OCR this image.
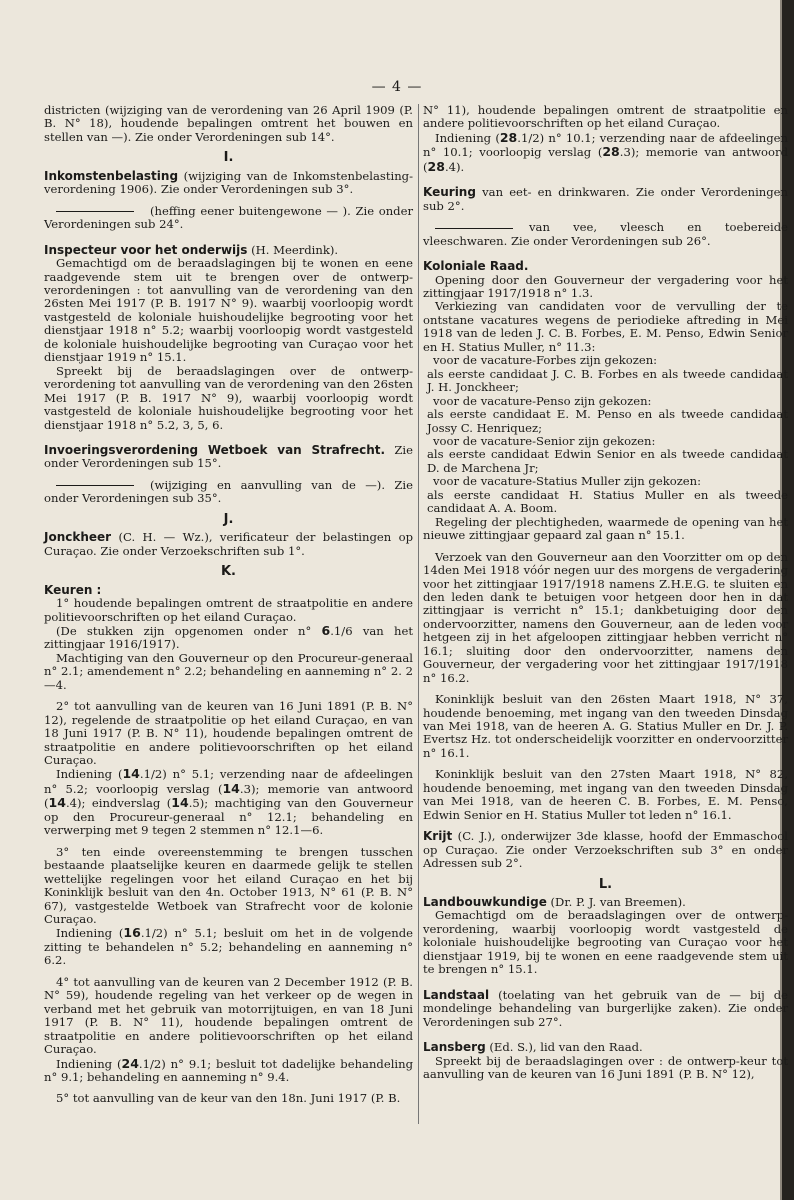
— 4 —

districten (wijziging van de verordening van 26 April 1909 (P. B. N° 18), houdende bepalingen omtrent het bouwen en stellen van —). Zie onder Verordeningen sub 14°.

I.

Inkomstenbelasting (wijziging van de Inkomstenbelasting-verordening 1906). Zie onder Verordeningen sub 3°.

(heffing eener buitengewone — ). Zie onder Verordeningen sub 24°.

Inspecteur voor het onderwijs (H. Meerdink).

Gemachtigd om de beraadslagingen bij te wonen en eene raadgevende stem uit te brengen over de ontwerp-verordeningen : tot aanvulling van de verordening van den 26sten Mei 1917 (P. B. 1917 N° 9). waarbij voorloopig wordt vastgesteld de koloniale huishoudelijke begrooting voor het dienstjaar 1918 n° 5.2; waarbij voorloopig wordt vastgesteld de koloniale huishoudelijke begrooting van Curaçao voor het dienstjaar 1919 n° 15.1.

Spreekt bij de beraadslagingen over de ontwerp-verordening tot aanvulling van de verordening van den 26sten Mei 1917 (P. B. 1917 N° 9), waarbij voorloopig wordt vastgesteld de koloniale huishoudelijke begrooting voor het dienstjaar 1918 n° 5.2, 3, 5, 6.

Invoeringsverordening Wetboek van Strafrecht. Zie onder Verordeningen sub 15°.

(wijziging en aanvulling van de —). Zie onder Verordeningen sub 35°.

J.

Jonckheer (C. H. — Wz.), verificateur der belastingen op Curaçao. Zie onder Verzoekschriften sub 1°.

K.

Keuren :

1° houdende bepalingen omtrent de straatpolitie en andere politievoorschriften op het eiland Curaçao.

(De stukken zijn opgenomen onder n° 6.1/6 van het zittingjaar 1916/1917).

Machtiging van den Gouverneur op den Procureur-generaal n° 2.1; amendement n° 2.2; behandeling en aanneming n° 2. 2—4.

2° tot aanvulling van de keuren van 16 Juni 1891 (P. B. N° 12), regelende de straatpolitie op het eiland Curaçao, en van 18 Juni 1917 (P. B. N° 11), houdende bepalingen omtrent de straatpolitie en andere politievoorschriften op het eiland Curaçao.

Indiening (14.1/2) n° 5.1; verzending naar de afdeelingen n° 5.2; voorloopig verslag (14.3); memorie van antwoord (14.4); eindverslag (14.5); machtiging van den Gouverneur op den Procureur-generaal n° 12.1; behandeling en verwerping met 9 tegen 2 stemmen n° 12.1—6.

3° ten einde overeenstemming te brengen tusschen bestaande plaatselijke keuren en daarmede gelijk te stellen wettelijke regelingen voor het eiland Curaçao en het bij Koninklijk besluit van den 4n. October 1913, N° 61 (P. B. N° 67), vastgestelde Wetboek van Strafrecht voor de kolonie Curaçao.

Indiening (16.1/2) n° 5.1; besluit om het in de volgende zitting te behandelen n° 5.2; behandeling en aanneming n° 6.2.

4° tot aanvulling van de keuren van 2 December 1912 (P. B. N° 59), houdende regeling van het verkeer op de wegen in verband met het gebruik van motorrijtuigen, en van 18 Juni 1917 (P. B. N° 11), houdende bepalingen omtrent de straatpolitie en andere politievoorschriften op het eiland Curaçao.

Indiening (24.1/2) n° 9.1; besluit tot dadelijke behandeling n° 9.1; behandeling en aanneming n° 9.4.

5° tot aanvulling van de keur van den 18n. Juni 1917 (P. B.

N° 11), houdende bepalingen omtrent de straatpolitie en andere politievoorschriften op het eiland Curaçao.

Indiening (28.1/2) n° 10.1; verzending naar de afdeelingen n° 10.1; voorloopig verslag (28.3); memorie van antwoord (28.4).

Keuring van eet- en drinkwaren. Zie onder Verordeningen sub 2°.

van vee, vleesch en toebereide vleeschwaren. Zie onder Verordeningen sub 26°.

Koloniale Raad.

Opening door den Gouverneur der vergadering voor het zittingjaar 1917/1918 n° 1.3.

Verkiezing van candidaten voor de vervulling der te ontstane vacatures wegens de periodieke aftreding in Mei 1918 van de leden J. C. B. Forbes, E. M. Penso, Edwin Senior en H. Statius Muller, n° 11.3:

voor de vacature-Forbes zijn gekozen:

als eerste candidaat J. C. B. Forbes en als tweede candidaat J. H. Jonckheer;

voor de vacature-Penso zijn gekozen:

als eerste candidaat E. M. Penso en als tweede candidaat Jossy C. Henriquez;

voor de vacature-Senior zijn gekozen:

als eerste candidaat Edwin Senior en als tweede candidaat D. de Marchena Jr;

voor de vacature-Statius Muller zijn gekozen:

als eerste candidaat H. Statius Muller en als tweede candidaat A. A. Boom.

Regeling der plechtigheden, waarmede de opening van het nieuwe zittingjaar gepaard zal gaan n° 15.1.

Verzoek van den Gouverneur aan den Voorzitter om op den 14den Mei 1918 vóór negen uur des morgens de vergadering voor het zittingjaar 1917/1918 namens Z.H.E.G. te sluiten en den leden dank te betuigen voor hetgeen door hen in dat zittingjaar is verricht n° 15.1; dankbetuiging door den ondervoorzitter, namens den Gouverneur, aan de leden voor hetgeen zij in het afgeloopen zittingjaar hebben verricht n° 16.1; sluiting door den ondervoorzitter, namens den Gouverneur, der vergadering voor het zittingjaar 1917/1918 n° 16.2.

Koninklijk besluit van den 26sten Maart 1918, N° 37, houdende benoeming, met ingang van den tweeden Dinsdag van Mei 1918, van de heeren A. G. Statius Muller en Dr. J. P. Evertsz Hz. tot onderscheidelijk voorzitter en ondervoorzitter n° 16.1.

Koninklijk besluit van den 27sten Maart 1918, N° 82, houdende benoeming, met ingang van den tweeden Dinsdag van Mei 1918, van de heeren C. B. Forbes, E. M. Penso, Edwin Senior en H. Statius Muller tot leden n° 16.1.

Krijt (C. J.), onderwijzer 3de klasse, hoofd der Emmaschool op Curaçao. Zie onder Verzoekschriften sub 3° en onder Adressen sub 2°.

L.

Landbouwkundige (Dr. P. J. van Breemen).

Gemachtigd om de beraadslagingen over de ontwerp-verordening, waarbij voorloopig wordt vastgesteld de koloniale huishoudelijke begrooting van Curaçao voor het dienstjaar 1919, bij te wonen en eene raadgevende stem uit te brengen n° 15.1.

Landstaal (toelating van het gebruik van de — bij de mondelinge behandeling van burgerlijke zaken). Zie onder Verordeningen sub 27°.

Lansberg (Ed. S.), lid van den Raad.

Spreekt bij de beraadslagingen over : de ontwerp-keur tot aanvulling van de keuren van 16 Juni 1891 (P. B. N° 12),
